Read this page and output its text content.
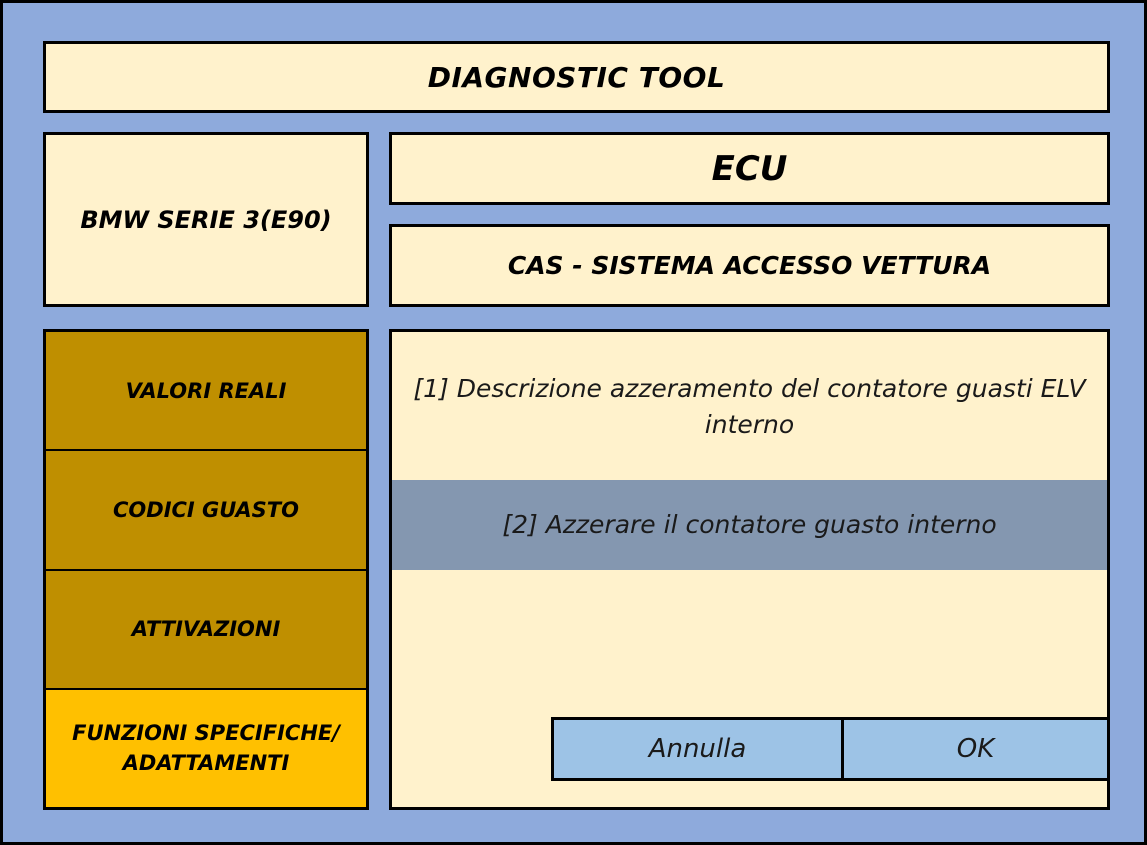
DIAGNOSTIC TOOL
BMW SERIE 3(E90)
ECU
CAS - SISTEMA ACCESSO VETTURA
VALORI REALI
CODICI GUASTO
ATTIVAZIONI
FUNZIONI SPECIFICHE/ ADATTAMENTI
[1] Descrizione azzeramento del contatore guasti ELV interno
[2] Azzerare il contatore guasto interno
Annulla	OK
